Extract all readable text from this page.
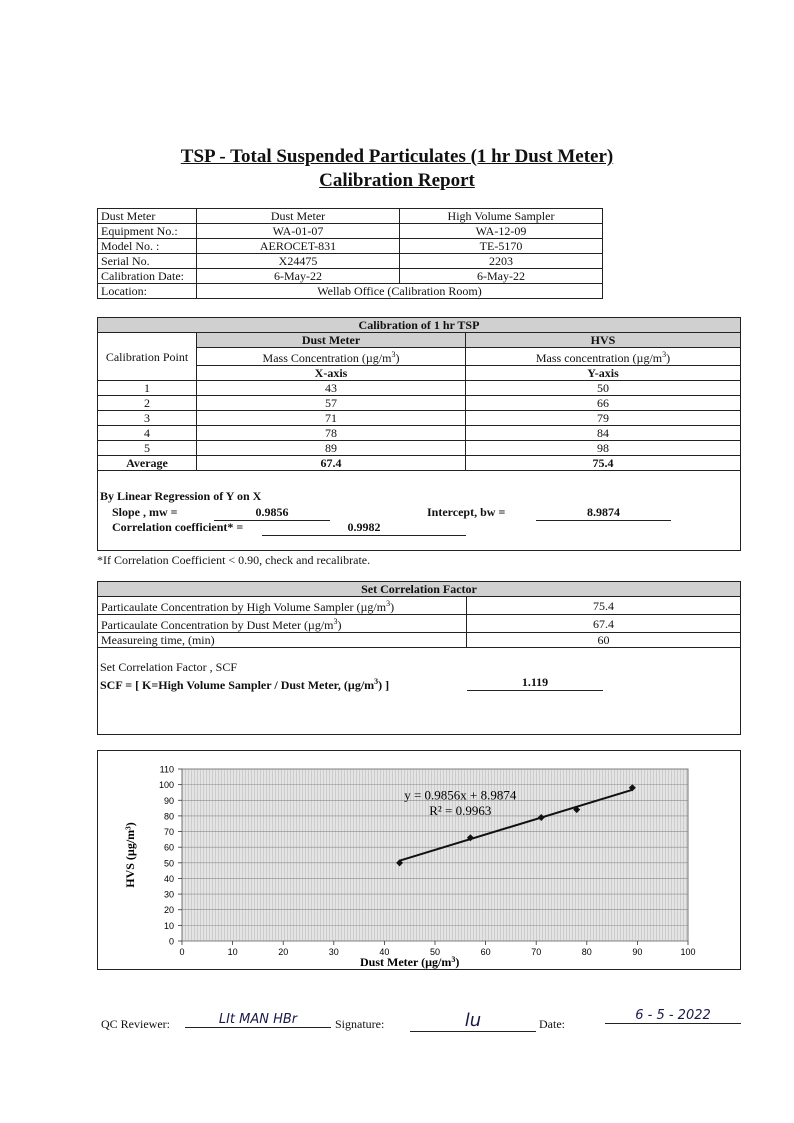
TSP - Total Suspended Particulates (1 hr Dust Meter)
Calibration Report
Dust Meter	Dust Meter	High Volume Sampler
Equipment No.:	WA-01-07	WA-12-09
Model No. :	AEROCET-831	TE-5170
Serial No.	X24475	2203
Calibration Date:	6-May-22	6-May-22
Location:	Wellab Office (Calibration Room)	
Calibration of 1 hr TSP		
Calibration Point	Dust Meter	HVS
	Mass Concentration $(\mu g/m^3)$	Mass concentration $(\mu g/m^3)$
	X-axis	Y-axis
1	43	50
2	57	66
3	71	79
4	78	84
5	89	98
Average	67.4	75.4
By Linear Regression of Y on X
Slope , mw =	0.9856	Intercept, bw =	8.9874
Correlation coefficient* =	0.9982
*If Correlation Coefficient < 0.90, check and recalibrate.
Set Correlation Factor	
Particaulate Concentration by High Volume Sampler $(\mu g/m^3)$	75.4
Particaulate Concentration by Dust Meter $(\mu g/m^3)$	67.4
Measureing time, (min)	60
Set Correlation Factor , SCF
SCF = [ K=High Volume Sampler / Dust Meter, $(\mu g/m^3)$ ]	1.119
0
10
20
30
40
50
60
70
80
90
100
110
0	10	20	30	40	50	60	70	80	90	100
y = 0.9856x + 8.9874
R² = 0.9963
HVS (µg/m³)
Dust Meter $(\mu g/m^3)$
QC Reviewer:	LIt MAN HBr	Signature:	lu	Date:
6 - 5 - 2022
